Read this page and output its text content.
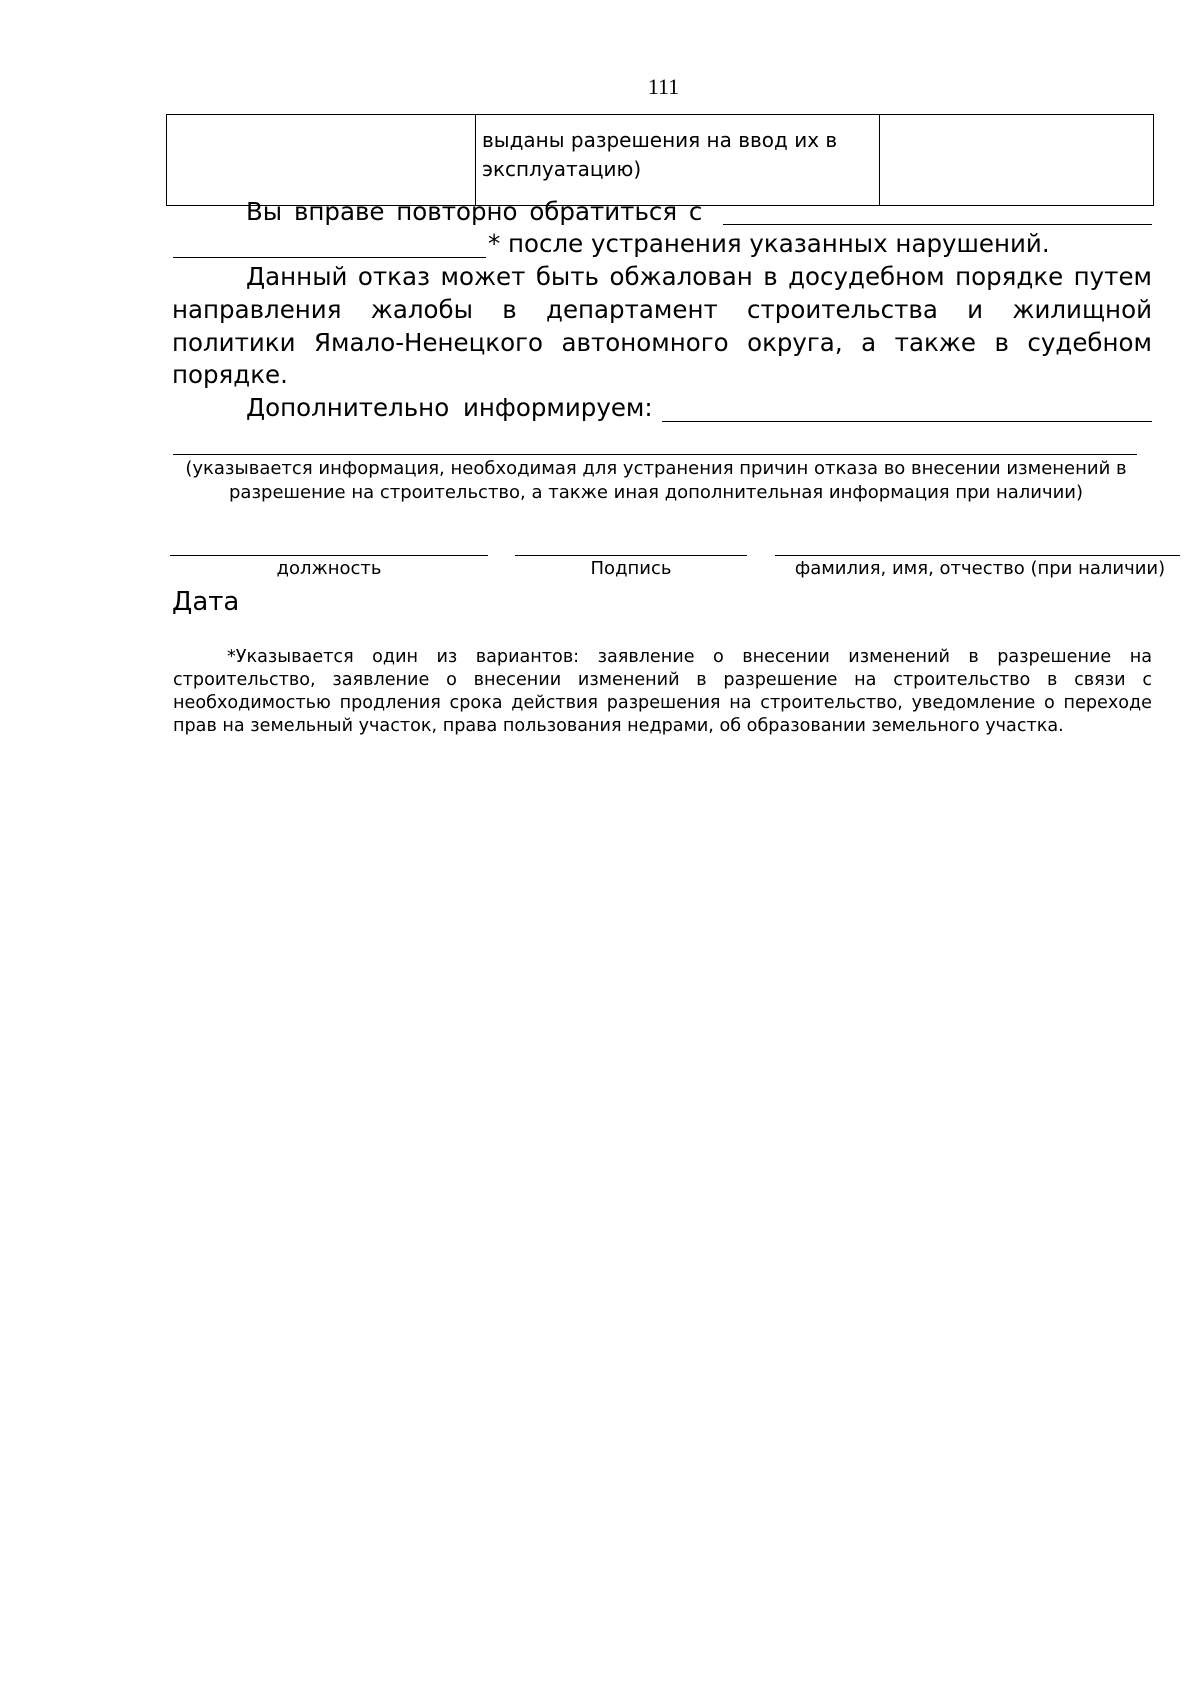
111

выданы разрешения на ввод их в
эксплуатацию)

Вы вправе повторно обратиться с
* после устранения указанных нарушений.
Данный отказ может быть обжалован в досудебном порядке путем
направления жалобы в департамент строительства и жилищной
политики Ямало-Ненецкого автономного округа, а также в судебном
порядке.
Дополнительно информируем:
(указывается информация, необходимая для устранения причин отказа во внесении изменений в
разрешение на строительство, а также иная дополнительная информация при наличии)
должность	Подпись	фамилия, имя, отчество (при наличии)
Дата
*Указывается один из вариантов: заявление о внесении изменений в разрешение на
строительство, заявление о внесении изменений в разрешение на строительство в связи с
необходимостью продления срока действия разрешения на строительство, уведомление о переходе
прав на земельный участок, права пользования недрами, об образовании земельного участка.
